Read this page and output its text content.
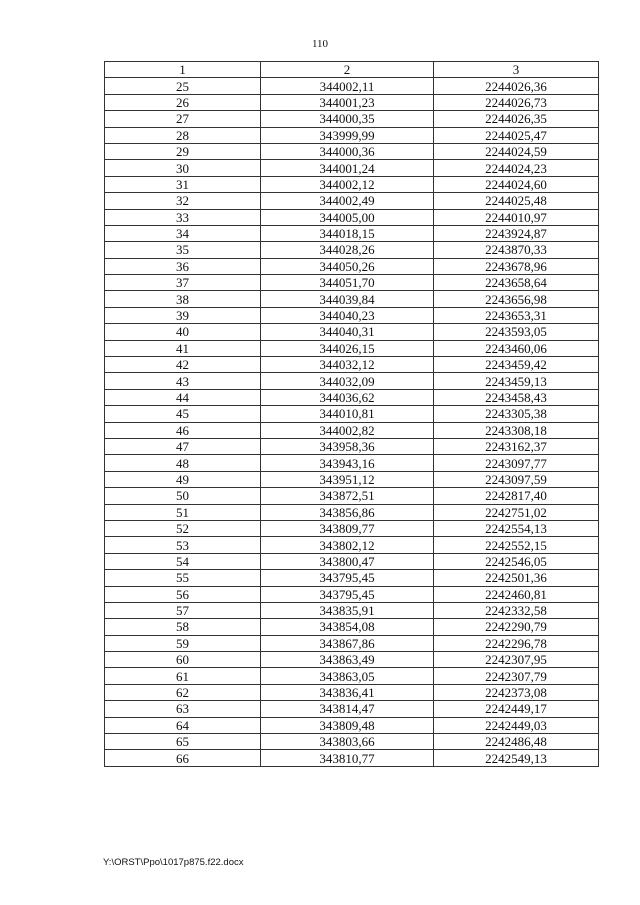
110
1	2	3
25	344002,11	2244026,36
26	344001,23	2244026,73
27	344000,35	2244026,35
28	343999,99	2244025,47
29	344000,36	2244024,59
30	344001,24	2244024,23
31	344002,12	2244024,60
32	344002,49	2244025,48
33	344005,00	2244010,97
34	344018,15	2243924,87
35	344028,26	2243870,33
36	344050,26	2243678,96
37	344051,70	2243658,64
38	344039,84	2243656,98
39	344040,23	2243653,31
40	344040,31	2243593,05
41	344026,15	2243460,06
42	344032,12	2243459,42
43	344032,09	2243459,13
44	344036,62	2243458,43
45	344010,81	2243305,38
46	344002,82	2243308,18
47	343958,36	2243162,37
48	343943,16	2243097,77
49	343951,12	2243097,59
50	343872,51	2242817,40
51	343856,86	2242751,02
52	343809,77	2242554,13
53	343802,12	2242552,15
54	343800,47	2242546,05
55	343795,45	2242501,36
56	343795,45	2242460,81
57	343835,91	2242332,58
58	343854,08	2242290,79
59	343867,86	2242296,78
60	343863,49	2242307,95
61	343863,05	2242307,79
62	343836,41	2242373,08
63	343814,47	2242449,17
64	343809,48	2242449,03
65	343803,66	2242486,48
66	343810,77	2242549,13
Y:\ORST\Ppo\1017p875.f22.docx
